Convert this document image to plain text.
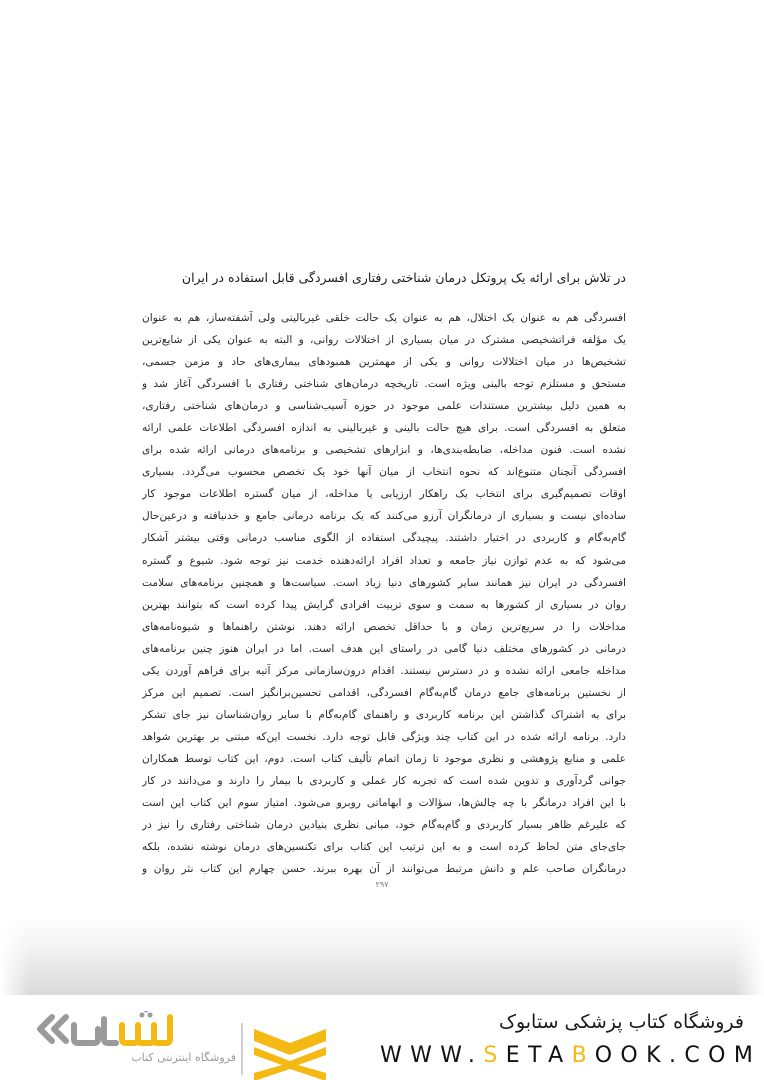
در تلاش برای ارائه یک پروتکل درمان شناختی رفتاری افسردگی قابل استفاده در ایران
افسردگی هم به عنوان یک اختلال، هم به عنوان یک حالت خلقی غیربالینی ولی آشفته‌ساز، هم به عنوان
یک مؤلفه فراتشخیصی مشترک در میان بسیاری از اختلالات روانی، و البته به عنوان یکی از شایع‌ترین
تشخیص‌ها در میان اختلالات روانی و یکی از مهمترین همبودهای بیماری‌های حاد و مزمن جسمی،
مستحق و مستلزم توجه بالینی ویژه است. تاریخچه درمان‌های شناختی رفتاری با افسردگی آغاز شد و
به همین دلیل بیشترین مستندات علمی موجود در حوزه آسیب‌شناسی و درمان‌های شناختی رفتاری،
متعلق به افسردگی است. برای هیچ حالت بالینی و غیربالینی به اندازه افسردگی اطلاعات علمی ارائه
نشده است. فنون مداخله، ضابطه‌بندی‌ها، و ابزارهای تشخیصی و برنامه‌های درمانی ارائه شده برای
افسردگی آنچنان متنوع‌اند که نحوه انتخاب از میان آنها خود یک تخصص محسوب می‌گردد. بسیاری
اوقات تصمیم‌گیری برای انتخاب یک راهکار ارزیابی یا مداخله، از میان گستره اطلاعات موجود کار
ساده‌ای نیست و بسیاری از درمانگران آرزو می‌کنند که یک برنامه درمانی جامع و خدنیافته و درعین‌حال
گام‌به‌گام و کاربردی در اختیار داشتند. پیچیدگی استفاده از الگوی مناسب درمانی وقتی بیشتر آشکار
می‌شود که به عدم توازن نیاز جامعه و تعداد افراد ارائه‌دهنده خدمت نیز توجه شود. شیوع و گستره
افسردگی در ایران نیز همانند سایر کشورهای دنیا زیاد است. سیاست‌ها و همچنین برنامه‌های سلامت
روان در بسیاری از کشورها به سمت و سوی تربیت افرادی گرایش پیدا کرده است که بتوانند بهترین
مداخلات را در سریع‌ترین زمان و با حداقل تخصص ارائه دهند. نوشتن راهنماها و شیوه‌نامه‌های
درمانی در کشورهای مختلف دنیا گامی در راستای این هدف است. اما در ایران هنوز چنین برنامه‌های
مداخله جامعی ارائه نشده و در دسترس نیستند. اقدام درون‌سازمانی مرکز آتیه برای فراهم آوردن یکی
از نخستین برنامه‌های جامع درمان گام‌به‌گام افسردگی، اقدامی تحسین‌برانگیز است. تصمیم این مرکز
برای به اشتراک گذاشتن این برنامه کاربردی و راهنمای گام‌به‌گام با سایر روان‌شناسان نیز جای تشکر
دارد. برنامه ارائه شده در این کتاب چند ویژگی قابل توجه دارد. نخست این‌که مبتنی بر بهترین شواهد
علمی و منابع پژوهشی و نظری موجود تا زمان اتمام تألیف کتاب است. دوم، این کتاب توسط همکاران
جوانی گردآوری و تدوین شده است که تجربه کار عملی و کاربردی با بیمار را دارند و می‌دانند در کار
با این افراد درمانگر با چه چالش‌ها، سؤالات و ابهاماتی روبرو می‌شود. امتیاز سوم این کتاب این است
که علیرغم ظاهر بسیار کاربردی و گام‌به‌گام خود، مبانی نظری بنیادین درمان شناختی رفتاری را نیز در
جای‌جای متن لحاظ کرده است و به این ترتیب این کتاب برای تکنسین‌های درمان نوشته نشده، بلکه
درمانگران صاحب علم و دانش مرتبط می‌توانند از آن بهره ببرند. حسن چهارم این کتاب نثر روان و
۲۹۷
فروشگاه اینترنتی کتاب
فروشگاه کتاب پزشکی ستابوک
WWW.SETABOOK.COM
